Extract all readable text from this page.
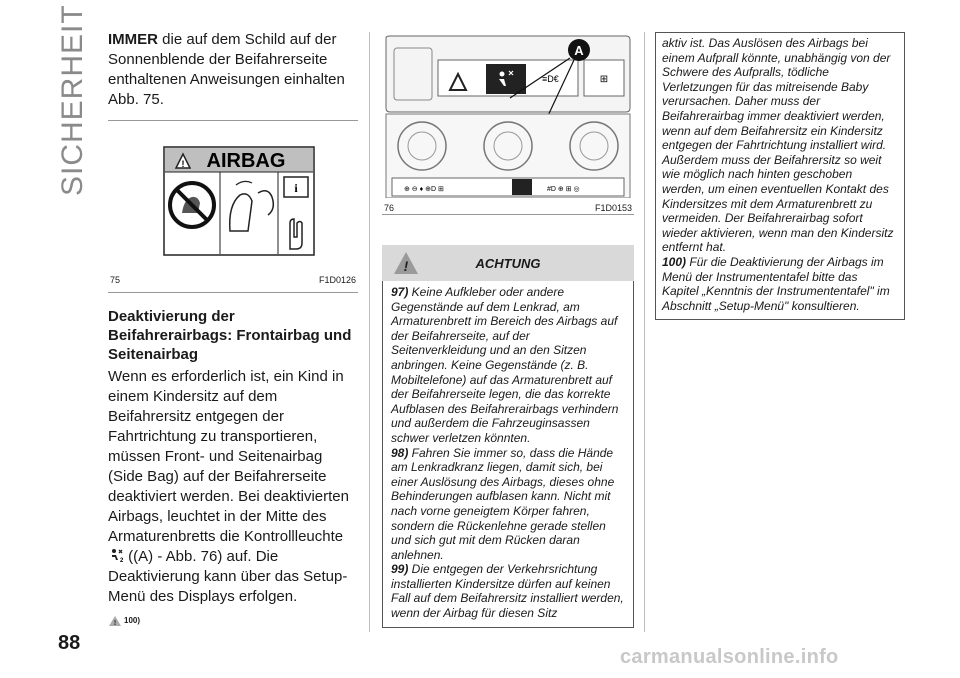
SICHERHEIT IMMER die auf dem Schild auf der Sonnenblende der Beifahrerseite enthaltenen Anweisungen einhalten Abb. 75.

! AIRBAG
i
75	F1D0126
Deaktivierung der Beifahrerairbags: Frontairbag und Seitenairbag

Wenn es erforderlich ist, ein Kind in einem Kindersitz auf dem Beifahrersitz entgegen der Fahrtrichtung zu transportieren, müssen Front- und Seitenairbag (Side Bag) auf der Beifahrerseite deaktiviert werden. Bei deaktivierten Airbags, leuchtet in der Mitte des Armaturenbretts die Kontrollleuchte
2 ((A) - Abb. 76) auf. Die Deaktivierung kann über das Setup-Menü des Displays erfolgen.

! 100)

≡D€	⊞
A
⊕ ⊖ ♦ ⊕D ⊞	#D ⊕ ⊞ ◎
76	F1D0153
!	ACHTUNG

97) Keine Aufkleber oder andere Gegenstände auf dem Lenkrad, am Armaturenbrett im Bereich des Airbags auf der Beifahrerseite, auf der Seitenverkleidung und an den Sitzen anbringen. Keine Gegenstände (z. B. Mobiltelefone) auf das Armaturenbrett auf der Beifahrerseite legen, die das korrekte Aufblasen des Beifahrerairbags verhindern und außerdem die Fahrzeuginsassen schwer verletzen könnten.

98) Fahren Sie immer so, dass die Hände am Lenkradkranz liegen, damit sich, bei einer Auslösung des Airbags, dieses ohne Behinderungen aufblasen kann. Nicht mit nach vorne geneigtem Körper fahren, sondern die Rückenlehne gerade stellen und sich gut mit dem Rücken daran anlehnen.

99) Die entgegen der Verkehrsrichtung installierten Kindersitze dürfen auf keinen Fall auf dem Beifahrersitz installiert werden, wenn der Airbag für diesen Sitz

aktiv ist. Das Auslösen des Airbags bei einem Aufprall könnte, unabhängig von der Schwere des Aufpralls, tödliche Verletzungen für das mitreisende Baby verursachen. Daher muss der Beifahrerairbag immer deaktiviert werden, wenn auf dem Beifahrersitz ein Kindersitz entgegen der Fahrtrichtung installiert wird. Außerdem muss der Beifahrersitz so weit wie möglich nach hinten geschoben werden, um einen eventuellen Kontakt des Kindersitzes mit dem Armaturenbrett zu vermeiden. Der Beifahrerairbag sofort wieder aktivieren, wenn man den Kindersitz entfernt hat.

100) Für die Deaktivierung der Airbags im Menü der Instrumententafel bitte das Kapitel „Kenntnis der Instrumententafel" im Abschnitt „Setup-Menü" konsultieren.

88
carmanualsonline.info
